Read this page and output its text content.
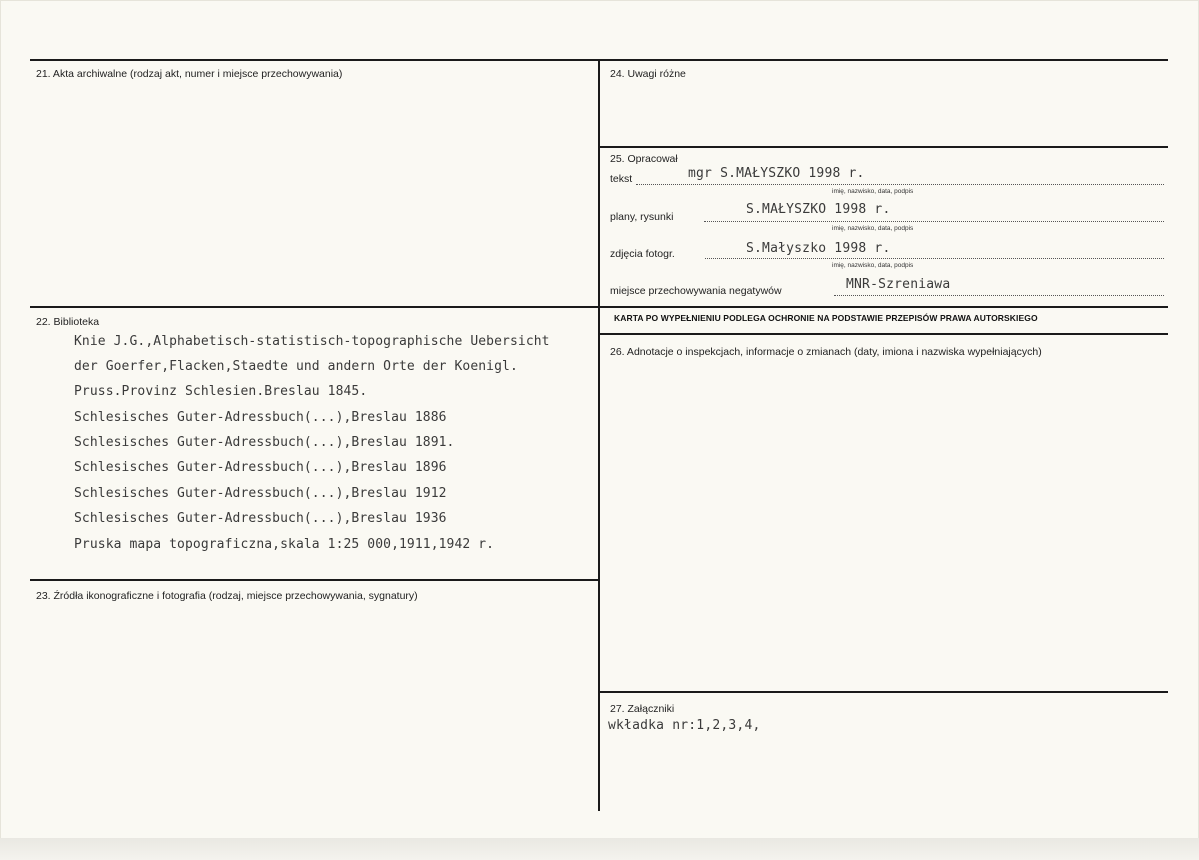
21. Akta archiwalne (rodzaj akt, numer i miejsce przechowywania)
22. Biblioteka
Knie J.G.,Alphabetisch-statistisch-topographische Uebersicht
der Goerfer,Flacken,Staedte und andern Orte der Koenigl.
Pruss.Provinz Schlesien.Breslau 1845.
Schlesisches Guter-Adressbuch(...),Breslau 1886
Schlesisches Guter-Adressbuch(...),Breslau 1891.
Schlesisches Guter-Adressbuch(...),Breslau 1896
Schlesisches Guter-Adressbuch(...),Breslau 1912
Schlesisches Guter-Adressbuch(...),Breslau 1936
Pruska mapa topograficzna,skala 1:25 000,1911,1942 r.
23. Źródła ikonograficzne i fotografia (rodzaj, miejsce przechowywania, sygnatury)
24. Uwagi różne
25. Opracował
tekst	mgr S.MAŁYSZKO 1998 r.
imię, nazwisko, data, podpis
plany, rysunki	S.MAŁYSZKO 1998 r.
imię, nazwisko, data, podpis
zdjęcia fotogr.	S.Małyszko 1998 r.
imię, nazwisko, data, podpis
miejsce przechowywania negatywów	MNR-Szreniawa
KARTA PO WYPEŁNIENIU PODLEGA OCHRONIE NA PODSTAWIE PRZEPISÓW PRAWA AUTORSKIEGO
26. Adnotacje o inspekcjach, informacje o zmianach (daty, imiona i nazwiska wypełniających)
27. Załączniki
wkładka nr:1,2,3,4,
